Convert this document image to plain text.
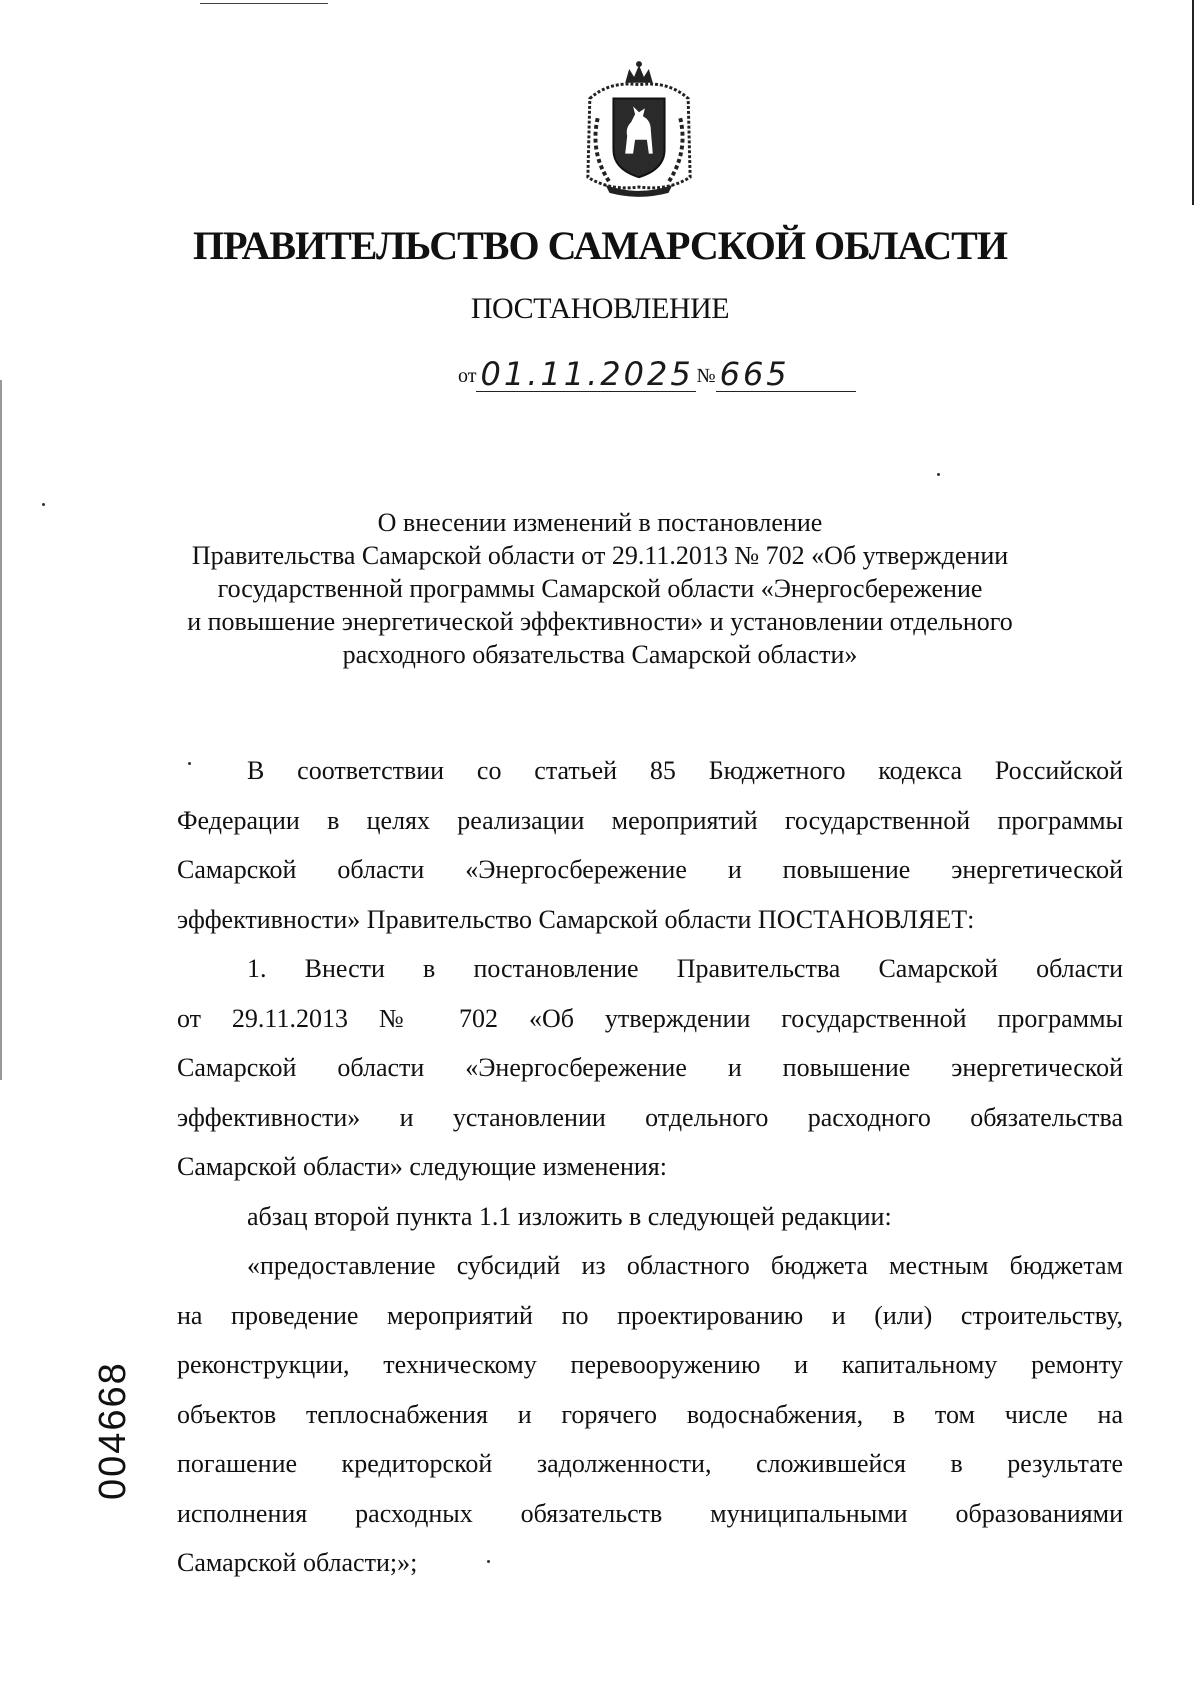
ПРАВИТЕЛЬСТВО САМАРСКОЙ ОБЛАСТИ
ПОСТАНОВЛЕНИЕ
от 01.11.2025 № 665
О внесении изменений в постановление
Правительства Самарской области от 29.11.2013 № 702 «Об утверждении
государственной программы Самарской области «Энергосбережение
и повышение энергетической эффективности» и установлении отдельного
расходного обязательства Самарской области»

В соответствии со статьей 85 Бюджетного кодекса Российской

Федерации в целях реализации мероприятий государственной программы

Самарской области «Энергосбережение и повышение энергетической

эффективности» Правительство Самарской области ПОСТАНОВЛЯЕТ:

1. Внести в постановление Правительства Самарской области

от 29.11.2013 № 702 «Об утверждении государственной программы

Самарской области «Энергосбережение и повышение энергетической

эффективности» и установлении отдельного расходного обязательства

Самарской области» следующие изменения:

абзац второй пункта 1.1 изложить в следующей редакции:

«предоставление субсидий из областного бюджета местным бюджетам

на проведение мероприятий по проектированию и (или) строительству,

реконструкции, техническому перевооружению и капитальному ремонту

объектов теплоснабжения и горячего водоснабжения, в том числе на

погашение кредиторской задолженности, сложившейся в результате

исполнения расходных обязательств муниципальными образованиями

Самарской области;»;

004668
